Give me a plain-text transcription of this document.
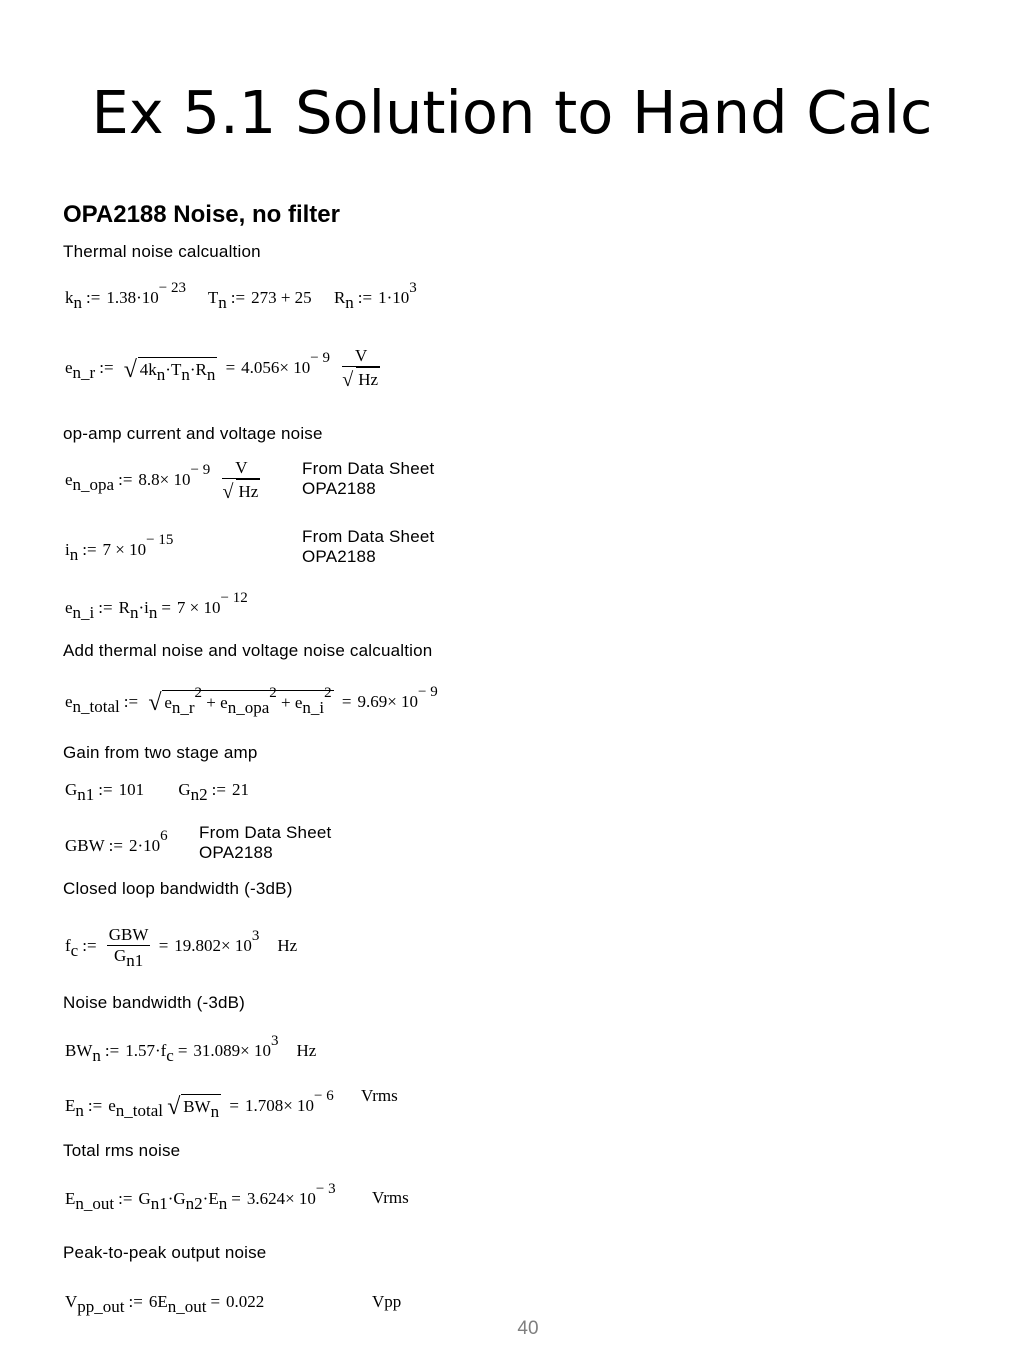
Ex 5.1 Solution to Hand Calc
OPA2188 Noise, no filter
Thermal noise calcualtion
$k_n$ := $1.38\cdot 10^{- 23}$ $T_n$ := 273 + 25 $R_n$ := $1\cdot 10^3$
$e_{n\_r}$ := √ $4k_n\cdot T_n\cdot R_n = 4.056\times 10^{- 9} \frac{V}{√ Hz}$
op-amp current and voltage noise
$e_{n\_opa}$ := $8.8\times 10^{- 9} \frac{V}{√ Hz}$ From Data Sheet
OPA2188
$i_n$ := $7 \times 10^{- 15}$	From Data Sheet
OPA2188
$e_{n\_i}$ := $R_n\cdot i_n = 7 \times 10^{- 12}$
Add thermal noise and voltage noise calcualtion
$e_{n\_total}$ := √ $e_{n\_r}^2 + e_{n\_opa}^2 + e_{n\_i}^2 = 9.69\times 10^{- 9}$
Gain from two stage amp
$G_{n1}$ := 101 $G_{n2}$ := 21
GBW := $2\cdot 10^6$ From Data Sheet
OPA2188
Closed loop bandwidth (-3dB)
$f_c$ := $\frac{\text{GBW}}{G_{n1}} = 19.802\times 10^3$ Hz
Noise bandwidth (-3dB)
$BW_n$ := $1.57\cdot f_c = 31.089\times 10^3$ Hz
$E_n$ := $e_{n\_total}$ √ $BW_n = 1.708\times 10^{- 6}$ Vrms
Total rms noise
$E_{n\_out}$ := $G_{n1}\cdot G_{n2}\cdot E_n = 3.624\times 10^{- 3}$ Vrms
Peak-to-peak output noise
$V_{pp\_out}$ := $6E_{n\_out} = 0.022$	Vpp
40
